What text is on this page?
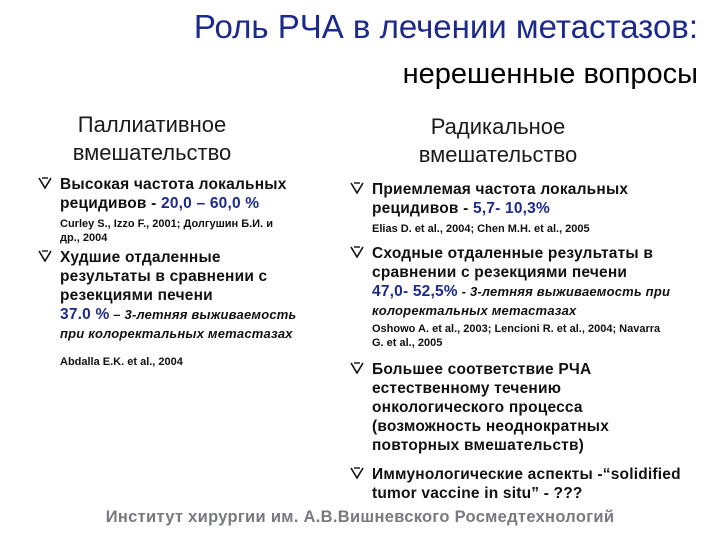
Роль РЧА в лечении метастазов:
нерешенные вопросы
Паллиативное
вмешательство
Высокая частота локальных
рецидивов - 20,0 – 60,0 %
Curley S., Izzo F., 2001; Долгушин Б.И. и
др., 2004
Худшие отдаленные
результаты в сравнении с
резекциями печени
37.0 % – 3-летняя выживаемость
при колоректальных метастазах
Abdalla E.K. et al., 2004
Радикальное
вмешательство
Приемлемая частота локальных
рецидивов - 5,7- 10,3%
Elias D. et al., 2004; Chen M.H. et al., 2005
Сходные отдаленные результаты в
сравнении с резекциями печени
47,0- 52,5% - 3-летняя выживаемость при
колоректальных метастазах
Oshowo A. et al., 2003; Lencioni R. et al., 2004; Navarra
G. et al., 2005
Большее соответствие РЧА
естественному течению
онкологического процесса
(возможность неоднократных
повторных вмешательств)
Иммунологические аспекты -“solidified
tumor vaccine in situ” - ???
Институт хирургии им. А.В.Вишневского Росмедтехнологий
